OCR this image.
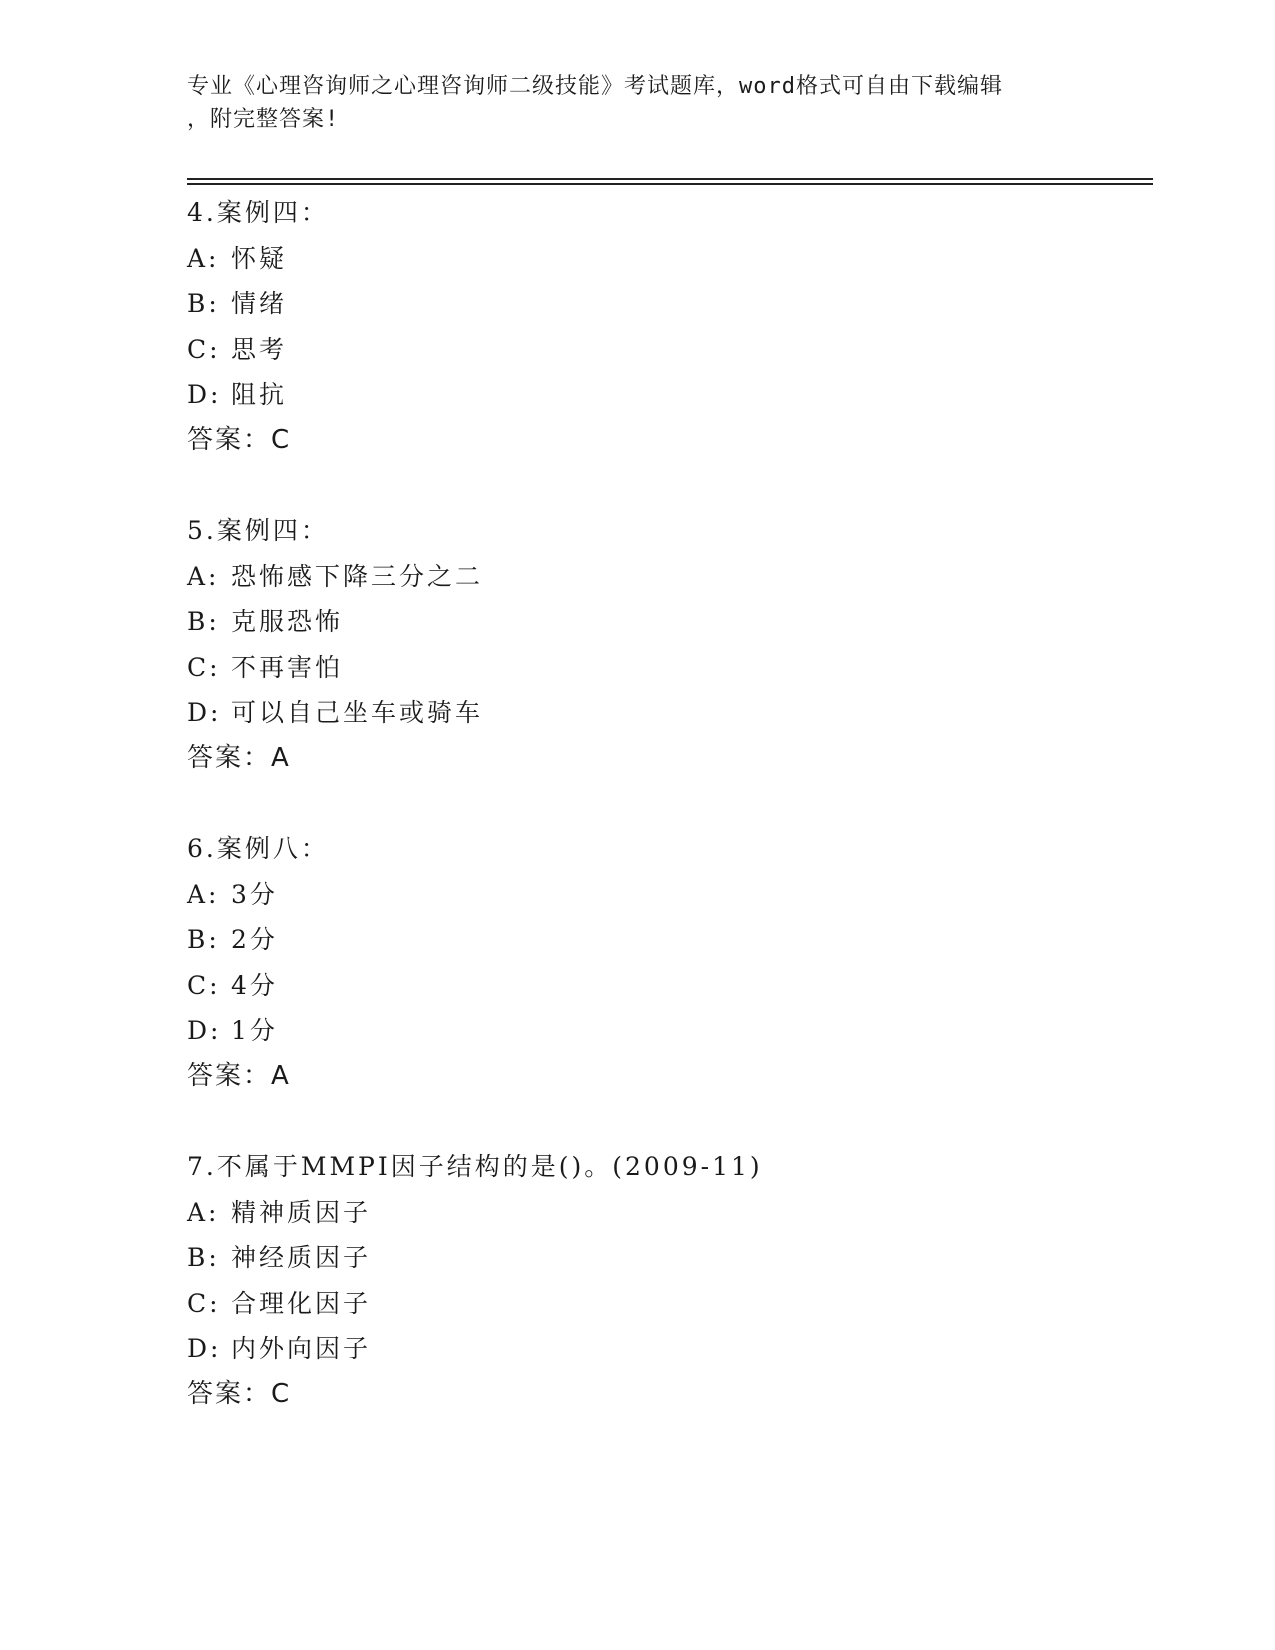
专业《心理咨询师之心理咨询师二级技能》考试题库，word格式可自由下载编辑
，附完整答案!
4.案例四：
A: 怀疑
B: 情绪
C: 思考
D: 阻抗
答案：C
5.案例四：
A: 恐怖感下降三分之二
B: 克服恐怖
C: 不再害怕
D: 可以自己坐车或骑车
答案：A
6.案例八：
A: 3分
B: 2分
C: 4分
D: 1分
答案：A
7.不属于MMPI因子结构的是()。(2009-11)
A: 精神质因子
B: 神经质因子
C: 合理化因子
D: 内外向因子
答案：C
